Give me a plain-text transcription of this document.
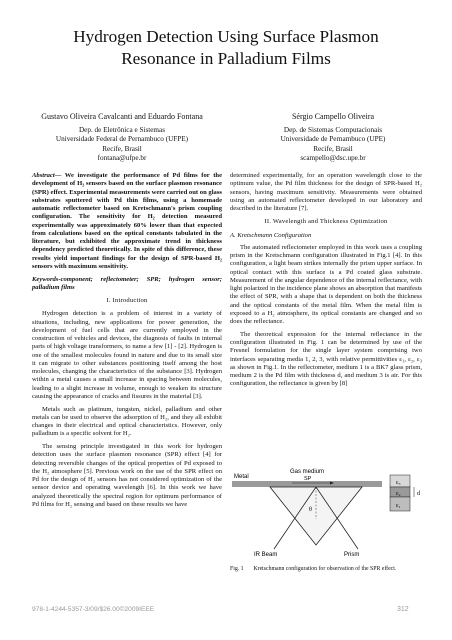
Hydrogen Detection Using Surface Plasmon
Resonance in Palladium Films
Gustavo Oliveira Cavalcanti and Eduardo Fontana
Dep. de Eletrônica e Sistemas
Universidade Federal de Pernambuco (UFPE)
Recife, Brasil
fontana@ufpe.br
Sérgio Campello Oliveira
Dep. de Sistemas Computacionais
Universidade de Pernambuco (UPE)
Recife, Brasil
scampello@dsc.upe.br

Abstract— We investigate the performance of Pd films for the development of H₂ sensors based on the surface plasmon resonance (SPR) effect. Experimental measurements were carried out on glass substrates sputtered with Pd thin films, using a homemade automatic reflectometer based on Kretschmann's prism coupling configuration. The sensitivity for H₂ detection measured experimentally was approximately 60% lower than that expected from calculations based on the optical constants tabulated in the literature, but exhibited the approximate trend in thickness dependency predicted theoretically. In spite of this difference, these results yield important findings for the design of SPR-based H₂ sensors with maximum sensitivity.

Keywords-component; reflectometer; SPR; hydrogen sensor; palladium films

I. Introduction

Hydrogen detection is a problem of interest in a variety of situations, including, new applications for power generation, the development of fuel cells that are currently employed in the construction of vehicles and devices, the diagnosis of faults in internal parts of high voltage transformers, to name a few [1] - [2]. Hydrogen is one of the smallest molecules found in nature and due to its small size it can migrate to other substances positioning itself among the host molecules, changing the characteristics of the substance [3]. Hydrogen within a metal causes a small increase in spacing between molecules, leading to a slight increase in volume, enough to weaken its structure causing the appearance of cracks and fissures in the material [3].

Metals such as platinum, tungsten, nickel, palladium and other metals can be used to observe the adsorption of H₂, and they all exhibit changes in their electrical and optical characteristics. However, only palladium is a specific solvent for H₂.

The sensing principle investigated in this work for hydrogen detection uses the surface plasmon resonance (SPR) effect [4] for detecting reversible changes of the optical properties of Pd exposed to the H₂ atmosphere [5]. Previous work on the use of the SPR effect on Pd for the design of H₂ sensors has not considered optimization of the sensor device and operating wavelength [6]. In this work we have analyzed theoretically the spectral region for optimum performance of Pd films for H₂ sensing and based on these results we have

determined experimentally, for an operation wavelength close to the optimum value, the Pd film thickness for the design of SPR-based H₂ sensors, having maximum sensitivity. Measurements were obtained using an automated reflectometer developed in our laboratory and described in the literature [7].

II. Wavelength and Thickness Optimization
A. Kretschmann Configuration

The automated reflectometer employed in this work uses a coupling prism in the Kretschmann configuration illustrated in Fig.1 [4]. In this configuration, a light beam strikes internally the prism upper surface. In optical contact with this surface is a Pd coated glass substrate. Measurement of the angular dependence of the internal reflectance, with light polarized in the incidence plane shows an absorption that manifests the effect of SPR, with a shape that is dependent on both the thickness and the optical constants of the metal film. When the metal film is exposed to a H₂ atmosphere, its optical constants are changed and so does the reflectance.

The theoretical expression for the internal reflectance in the configuration illustrated in Fig. 1 can be determined by use of the Fresnel formulation for the single layer system comprising two interfaces separating media 1, 2, 3, with relative permittivities ε₁, ε₂, ε₃ as shown in Fig.1. In the reflectometer, medium 1 is a BK7 glass prism, medium 2 is the Pd film with thickness d, and medium 3 is air. For this configuration, the reflectance is given by [8]

Metal
Gas medium
SP
θ
IR Beam	Prism
ε₃
ε₂
ε₁
d
Fig. 1 Kretschmann configuration for observation of the SPR effect.
978-1-4244-5357-3/09/$26.00©2009IEEE	312
